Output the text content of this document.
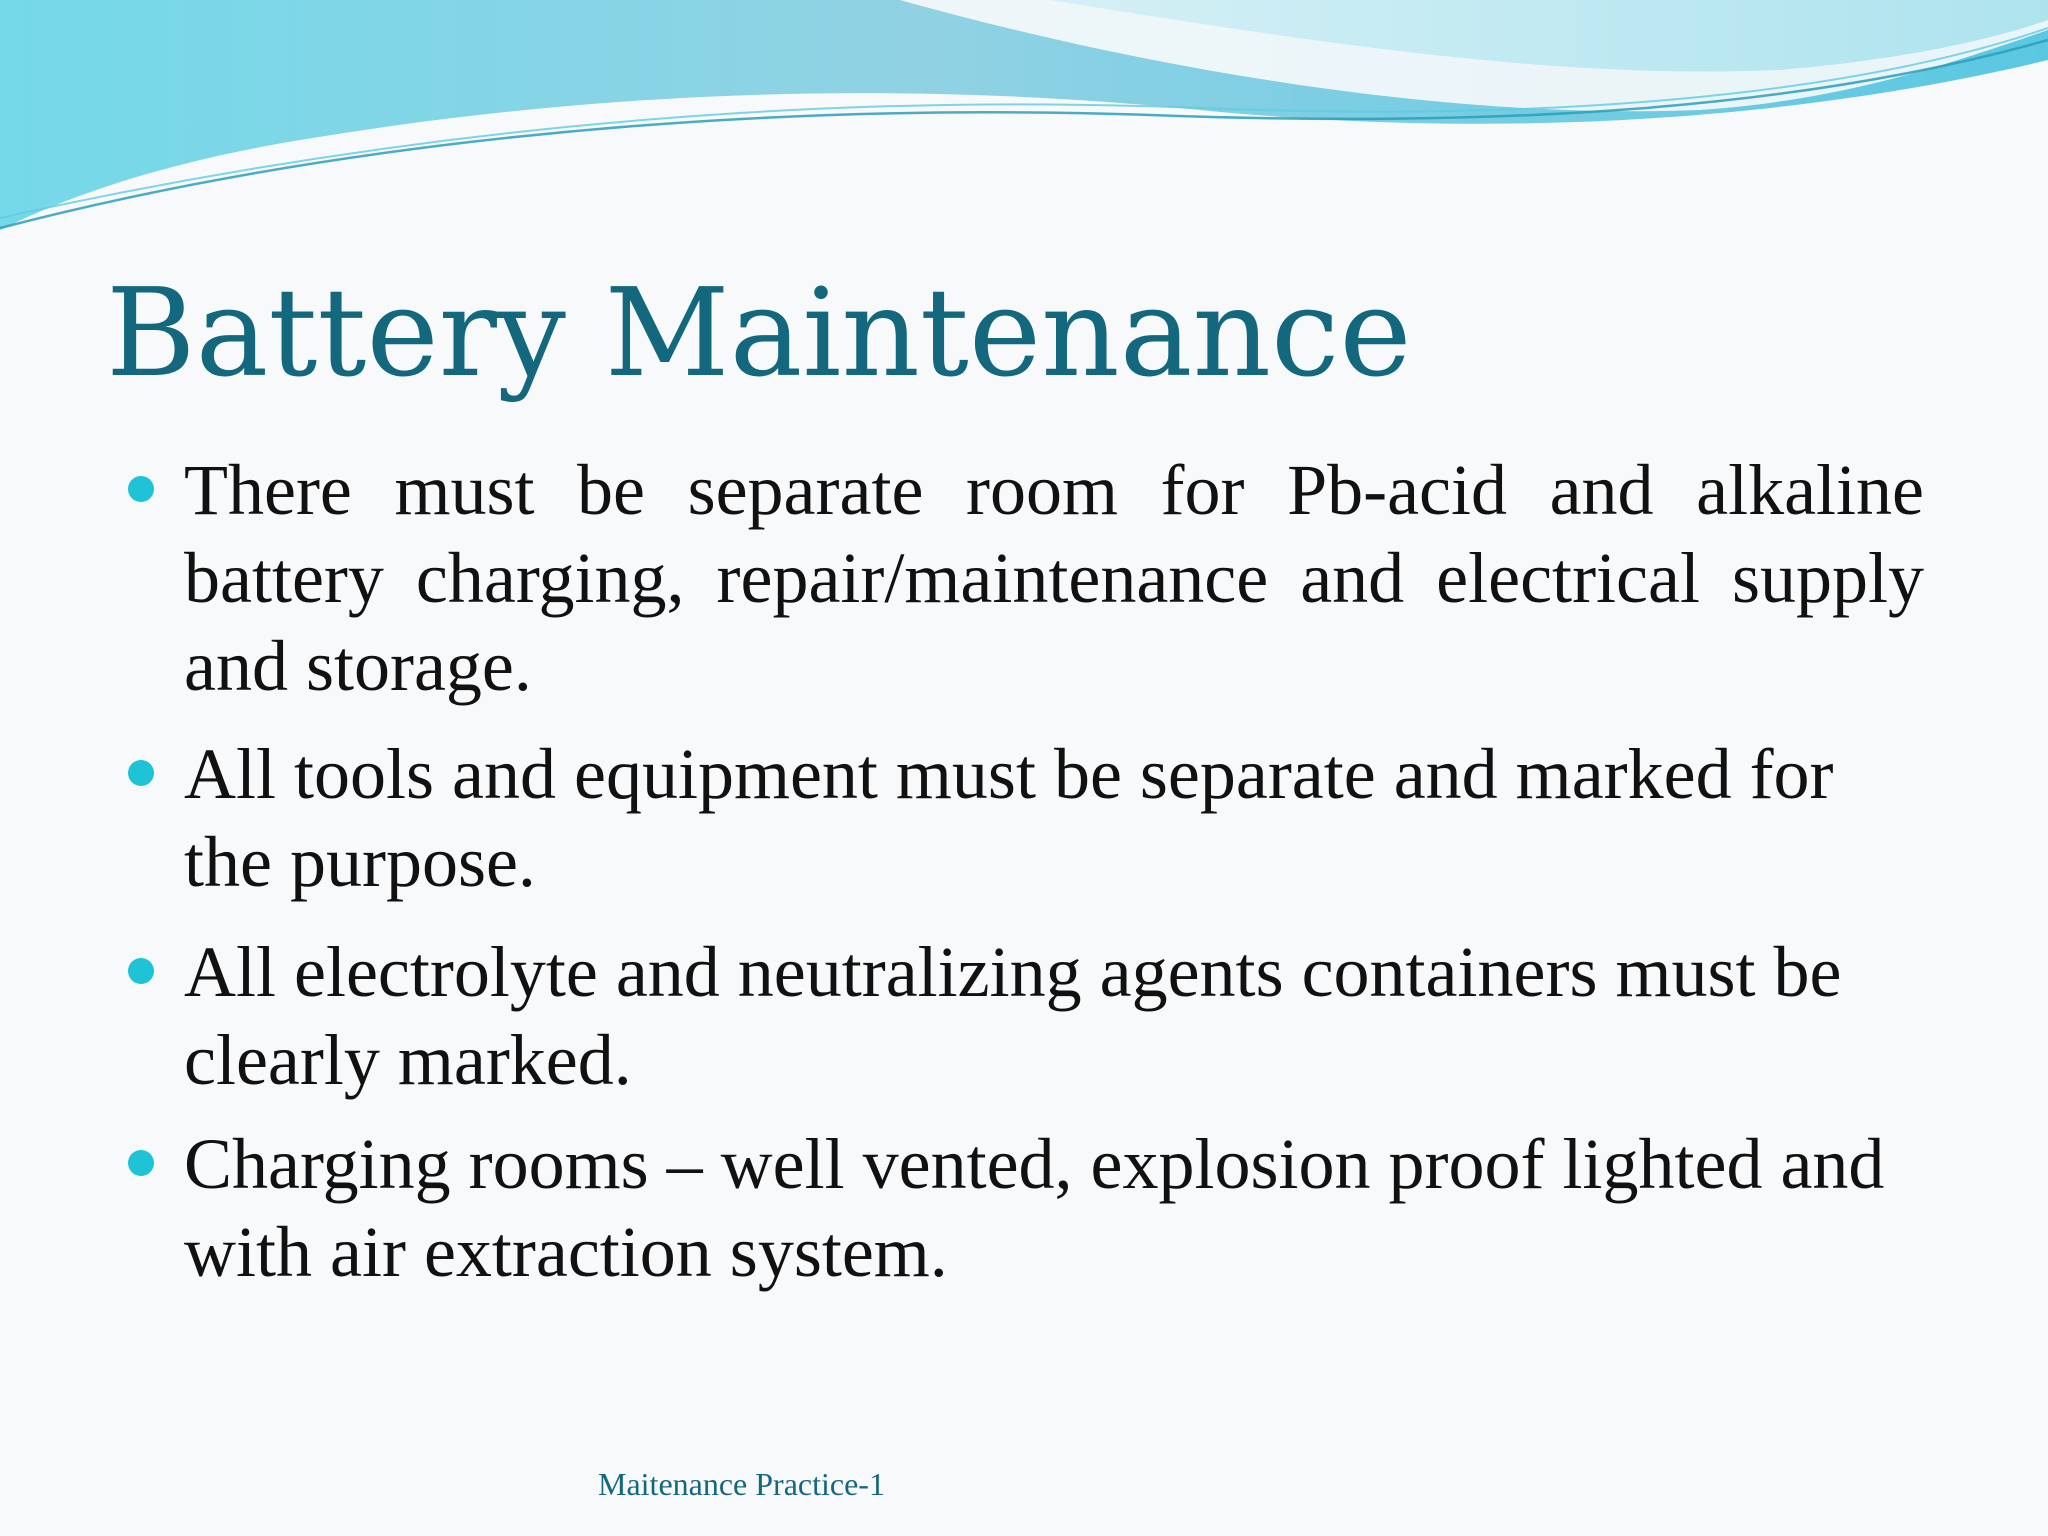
Battery Maintenance

There must be separate room for Pb-acid and alkaline battery charging, repair/maintenance and electrical supply and storage.

All tools and equipment must be separate and marked for the purpose.

All electrolyte and neutralizing agents containers must be clearly marked.

Charging rooms – well vented, explosion proof lighted and with air extraction system.

Maitenance Practice-1
